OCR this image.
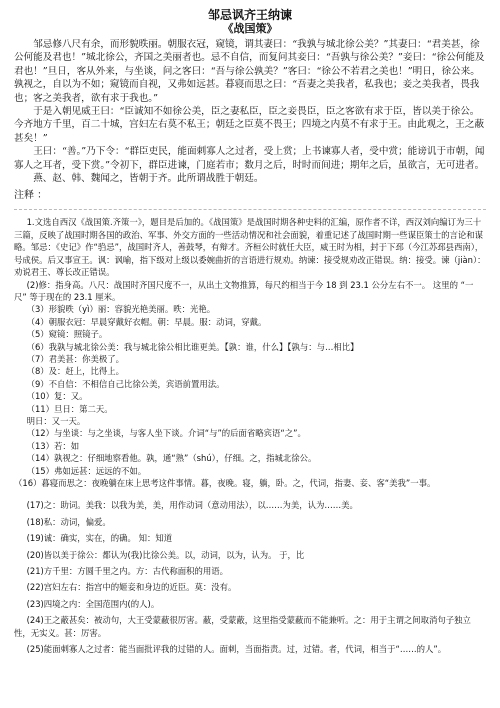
邹忌讽齐王纳谏
《战国策》

邹忌修八尺有余，而形貌昳丽。朝服衣冠，窥镜，谓其妻曰：“我孰与城北徐公美？”其妻曰：“君美甚，徐公何能及君也！”城北徐公，齐国之美丽者也。忌不自信，而复问其妾曰：“吾孰与徐公美？”妾曰：“徐公何能及君也！”旦日，客从外来，与坐谈，问之客曰：“吾与徐公孰美？”客曰：“徐公不若君之美也！”明日，徐公来。孰视之，自以为不如；窥镜而自视，又弗如远甚。暮寝而思之曰：“吾妻之美我者，私我也；妾之美我者，畏我也；客之美我者，欲有求于我也。”

于是入朝见威王曰：“臣诚知不如徐公美，臣之妻私臣，臣之妾畏臣，臣之客欲有求于臣，皆以美于徐公。今齐地方千里，百二十城，宫妇左右莫不私王；朝廷之臣莫不畏王；四境之内莫不有求于王。由此观之，王之蔽甚矣！”

王曰：“善。”乃下令：“群臣吏民，能面刺寡人之过者，受上赏；上书谏寡人者，受中赏；能谤讥于市朝，闻寡人之耳者，受下赏。”令初下，群臣进谏，门庭若市；数月之后，时时而间进；期年之后，虽欲言，无可进者。

燕、赵、韩、魏闻之，皆朝于齐。此所谓战胜于朝廷。

注释 ：

1.文选自西汉《战国策.齐策一》，题目是后加的。《战国策》是战国时期各种史料的汇编，原作者不详，西汉刘向编订为三十三篇，反映了战国时期各国的政治、军事、外交方面的一些活动情况和社会面貌，着重记述了战国时期一些谋臣策士的言论和谋略。邹忌：《史记》作“驺忌”，战国时齐人，善鼓琴，有辩才。齐桓公时就任大臣，威王时为相，封于下邳（今江苏邳县西南），号成侯。后又事宣王。讽：讽喻，指下级对上级以委婉曲折的言语进行规劝。纳谏：接受规劝改正错误。纳：接受。谏（jiàn）：劝说君王、尊长改正错误。

(2)修：指身高。八尺：战国时齐国尺度不一，从出土文物推算，每尺约相当于今 18 到 23.1 公分左右不一。 这里的 “一尺” 等于现在的 23.1 厘米。

（3）形貌昳（yì）丽：容貌光艳美丽。昳：光艳。

（4）朝服衣冠：早晨穿戴好衣帽。朝：早晨。服：动词，穿戴。

（5）窥镜：照镜子。

（6）我孰与城北徐公美：我与城北徐公相比谁更美。【孰：谁，什么】【孰与：与…相比】

（7）君美甚：你美极了。

（8）及：赶上，比得上。

（9）不自信：不相信自己比徐公美，宾语前置用法。

（10）复：又。

（11）旦日：第二天。

明日：又一天。

（12）与坐谈：与之坐谈，与客人坐下谈。介词“与”的后面省略宾语“之”。

（13）若：如

（14）孰视之：仔细地察看他。孰，通“熟”（shú），仔细。之，指城北徐公。

（15）弗如远甚：远远的不如。

（16）暮寝而思之：夜晚躺在床上思考这件事情。暮，夜晚。寝，躺，卧。之，代词，指妻、妾、客“美我”一事。

(17)之：助词。美我：以我为美，美，用作动词（意动用法），以……为美，认为……美。

(18)私：动词，偏爱。

(19)诚：确实，实在，的确。 知：知道

(20)皆以美于徐公：都认为(我)比徐公美。以，动词，以为，认为。 于，比

(21)方千里：方圆千里之内。方：古代称面积的用语。

(22)宫妇左右：指宫中的姬妾和身边的近臣。莫：没有。

(23)四境之内：全国范围内(的人)。

(24)王之蔽甚矣：被动句，大王受蒙蔽很厉害。蔽，受蒙蔽，这里指受蒙蔽而不能兼听。之：用于主谓之间取消句子独立性，无实义。甚：厉害。

(25)能面刺寡人之过者：能当面批评我的过错的人。面刺，当面指责。过，过错。者，代词，相当于“……的人”。
